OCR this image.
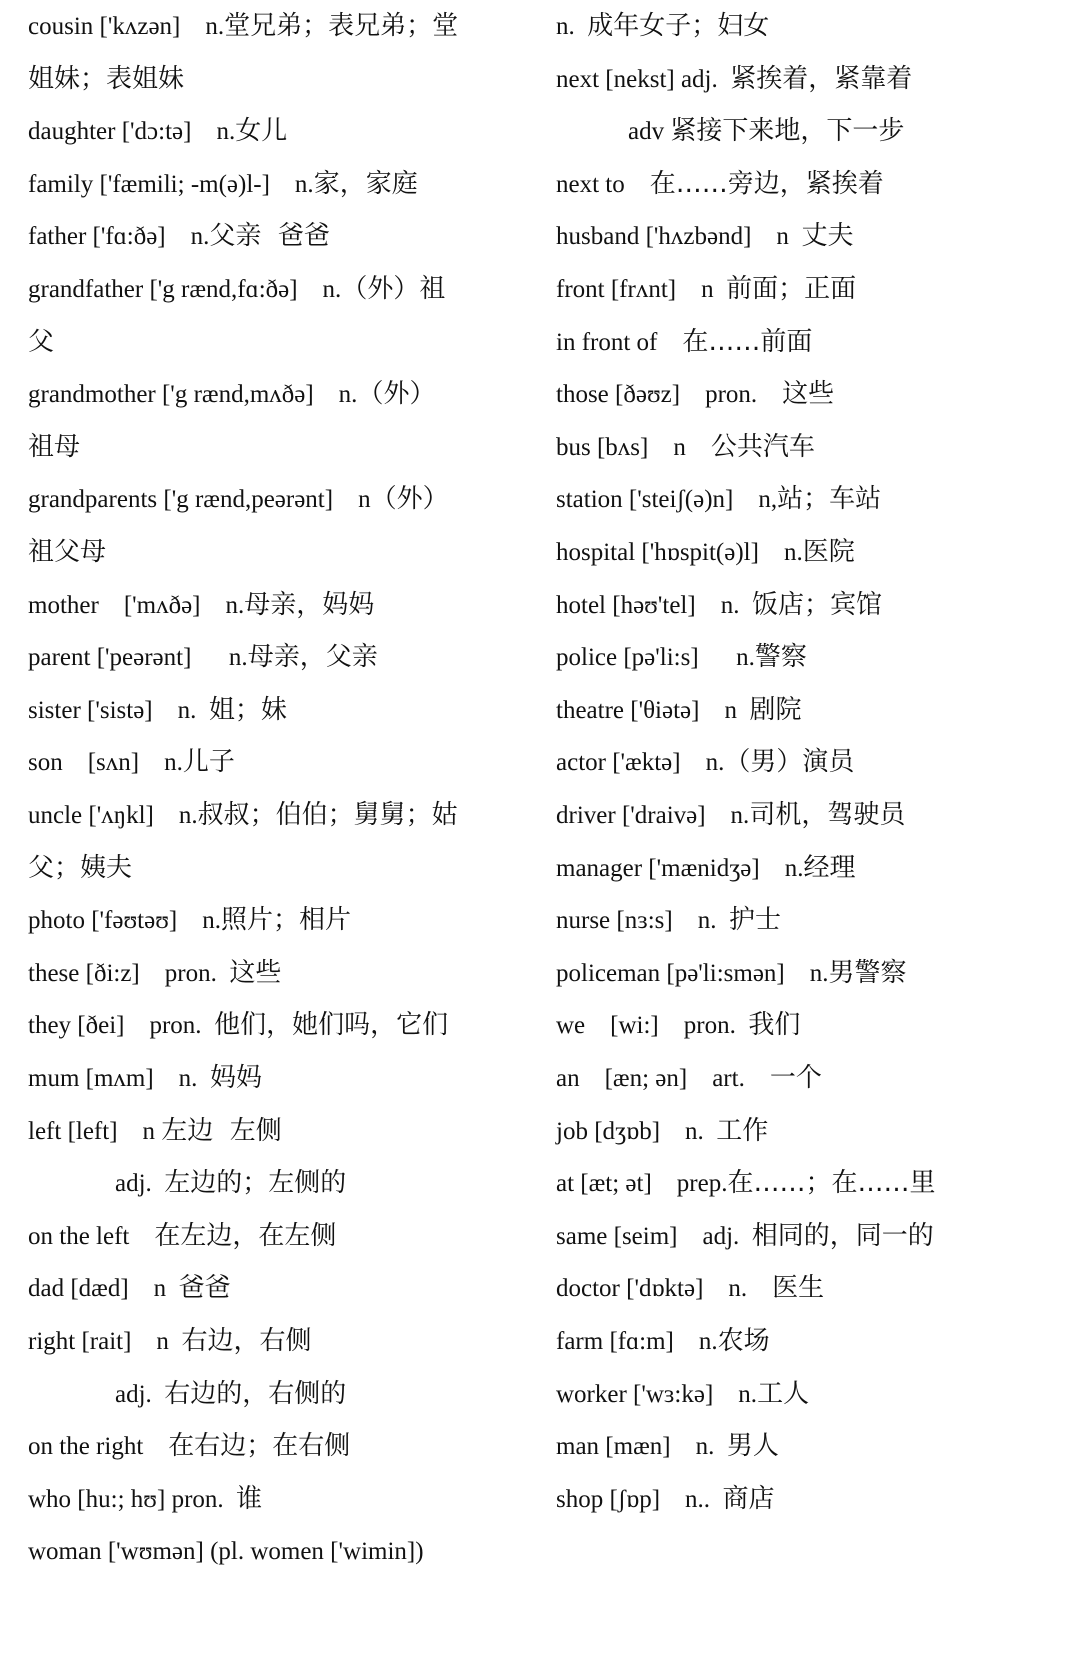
cousin ['kʌzən]    n.堂兄弟；表兄弟；堂
姐妹；表姐妹
daughter ['dɔ:tə]    n.女儿
family ['fæmili; -m(ə)l-]    n.家，家庭
father ['fɑ:ðə]    n.父亲  爸爸
grandfather ['g rænd,fɑ:ðə]    n.（外）祖
父
grandmother ['g rænd,mʌðə]    n.（外）
祖母
grandparents ['g rænd,peərənt]    n（外）
祖父母
mother    ['mʌðə]    n.母亲，妈妈
parent ['peərənt]      n.母亲，父亲
sister ['sistə]    n.  姐；妹
son    [sʌn]    n.儿子
uncle ['ʌŋkl]    n.叔叔；伯伯；舅舅；姑
父；姨夫
photo ['fəʊtəʊ]    n.照片；相片
these [ði:z]    pron.  这些
they [ðei]    pron.  他们，她们吗，它们
mum [mʌm]    n.  妈妈
left [left]    n 左边  左侧
adj.  左边的；左侧的
on the left    在左边，在左侧
dad [dæd]    n  爸爸
right [rait]    n  右边，右侧
adj.  右边的，右侧的
on the right    在右边；在右侧
who [hu:; hʊ] pron.  谁
woman ['wʊmən] (pl. women ['wimin])
n.  成年女子；妇女
next [nekst] adj.  紧挨着，紧靠着
adv 紧接下来地，下一步
next to    在……旁边，紧挨着
husband ['hʌzbənd]    n  丈夫
front [frʌnt]    n  前面；正面
in front of    在……前面
those [ðəʊz]    pron.    这些
bus [bʌs]    n    公共汽车
station ['steiʃ(ə)n]    n,站；车站
hospital ['hɒspit(ə)l]    n.医院
hotel [həʊ'tel]    n.  饭店；宾馆
police [pə'li:s]      n.警察
theatre ['θiətə]    n  剧院
actor ['æktə]    n.（男）演员
driver ['draivə]    n.司机，驾驶员
manager ['mænidʒə]    n.经理
nurse [nɜ:s]    n.  护士
policeman [pə'li:smən]    n.男警察
we    [wi:]    pron.  我们
an    [æn; ən]    art.    一个
job [dʒɒb]    n.  工作
at [æt; ət]    prep.在……；在……里
same [seim]    adj.  相同的，同一的
doctor ['dɒktə]    n.    医生
farm [fɑ:m]    n.农场
worker ['wɜ:kə]    n.工人
man [mæn]    n.  男人
shop [ʃɒp]    n..  商店
